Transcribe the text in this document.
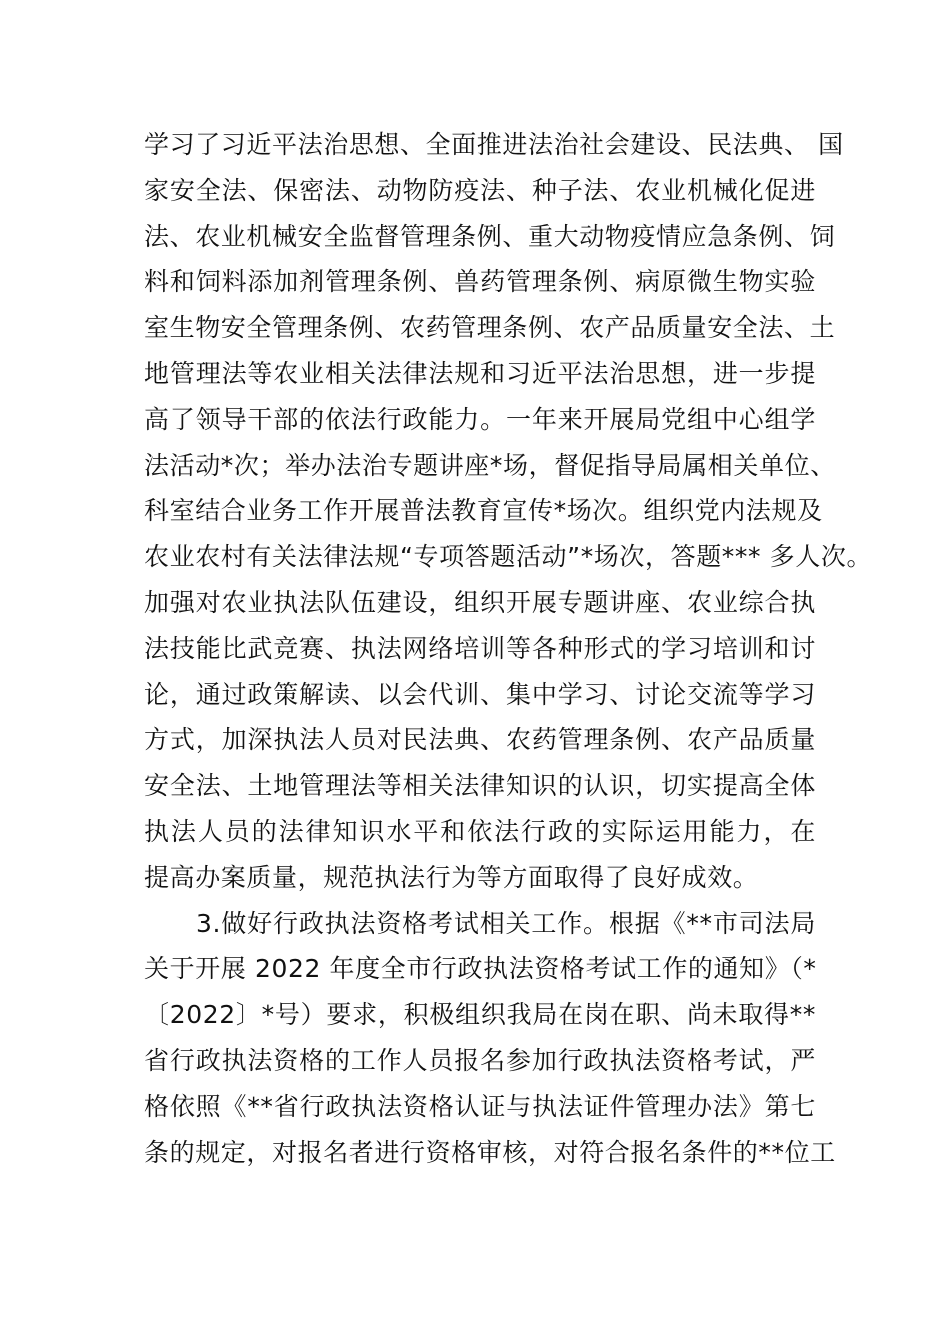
学习了习近平法治思想、全面推进法治社会建设、民法典、 国
家安全法、保密法、动物防疫法、种子法、农业机械化促进
法、农业机械安全监督管理条例、重大动物疫情应急条例、饲
料和饲料添加剂管理条例、兽药管理条例、病原微生物实验
室生物安全管理条例、农药管理条例、农产品质量安全法、土
地管理法等农业相关法律法规和习近平法治思想，进一步提
高了领导干部的依法行政能力。一年来开展局党组中心组学
法活动*次；举办法治专题讲座*场，督促指导局属相关单位、
科室结合业务工作开展普法教育宣传*场次。组织党内法规及
农业农村有关法律法规“专项答题活动”*场次，答题*** 多人次。
加强对农业执法队伍建设，组织开展专题讲座、农业综合执
法技能比武竞赛、执法网络培训等各种形式的学习培训和讨
论，通过政策解读、以会代训、集中学习、讨论交流等学习
方式，加深执法人员对民法典、农药管理条例、农产品质量
安全法、土地管理法等相关法律知识的认识，切实提高全体
执法人员的法律知识水平和依法行政的实际运用能力，在
提高办案质量，规范执法行为等方面取得了良好成效。
3.做好行政执法资格考试相关工作。根据《**市司法局
关于开展 2022 年度全市行政执法资格考试工作的通知》（*
〔2022〕*号）要求，积极组织我局在岗在职、尚未取得**
省行政执法资格的工作人员报名参加行政执法资格考试，严
格依照《**省行政执法资格认证与执法证件管理办法》第七
条的规定，对报名者进行资格审核，对符合报名条件的**位工
